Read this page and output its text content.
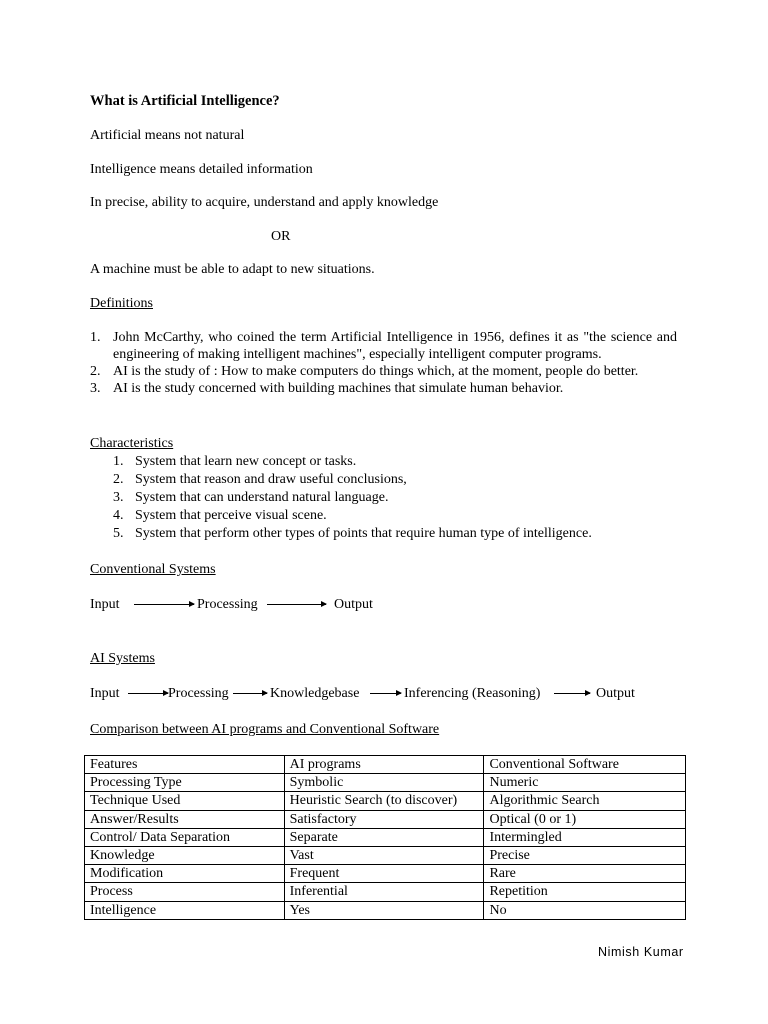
What is Artificial Intelligence?
Artificial means not natural
Intelligence means detailed information
In precise, ability to acquire, understand and apply knowledge
OR
A machine must be able to adapt to new situations.
Definitions
1. John McCarthy, who coined the term Artificial Intelligence in 1956, defines it as "the science and engineering of making intelligent machines", especially intelligent computer programs.
2. AI is the study of : How to make computers do things which, at the moment, people do better.
3. AI is the study concerned with building machines that simulate human behavior.
Characteristics
1. System that learn new concept or tasks.
2. System that reason and draw useful conclusions,
3. System that can understand natural language.
4. System that perceive visual scene.
5. System that perform other types of points that require human type of intelligence.
Conventional Systems
Input	Processing	Output
AI Systems
Input	Processing	Knowledgebase	Inferencing (Reasoning)	Output
Comparison between AI programs and Conventional Software
Features	AI programs	Conventional Software
Processing Type	Symbolic	Numeric
Technique Used	Heuristic Search (to discover)	Algorithmic Search
Answer/Results	Satisfactory	Optical (0 or 1)
Control/ Data Separation	Separate	Intermingled
Knowledge	Vast	Precise
Modification	Frequent	Rare
Process	Inferential	Repetition
Intelligence	Yes	No
Nimish Kumar
